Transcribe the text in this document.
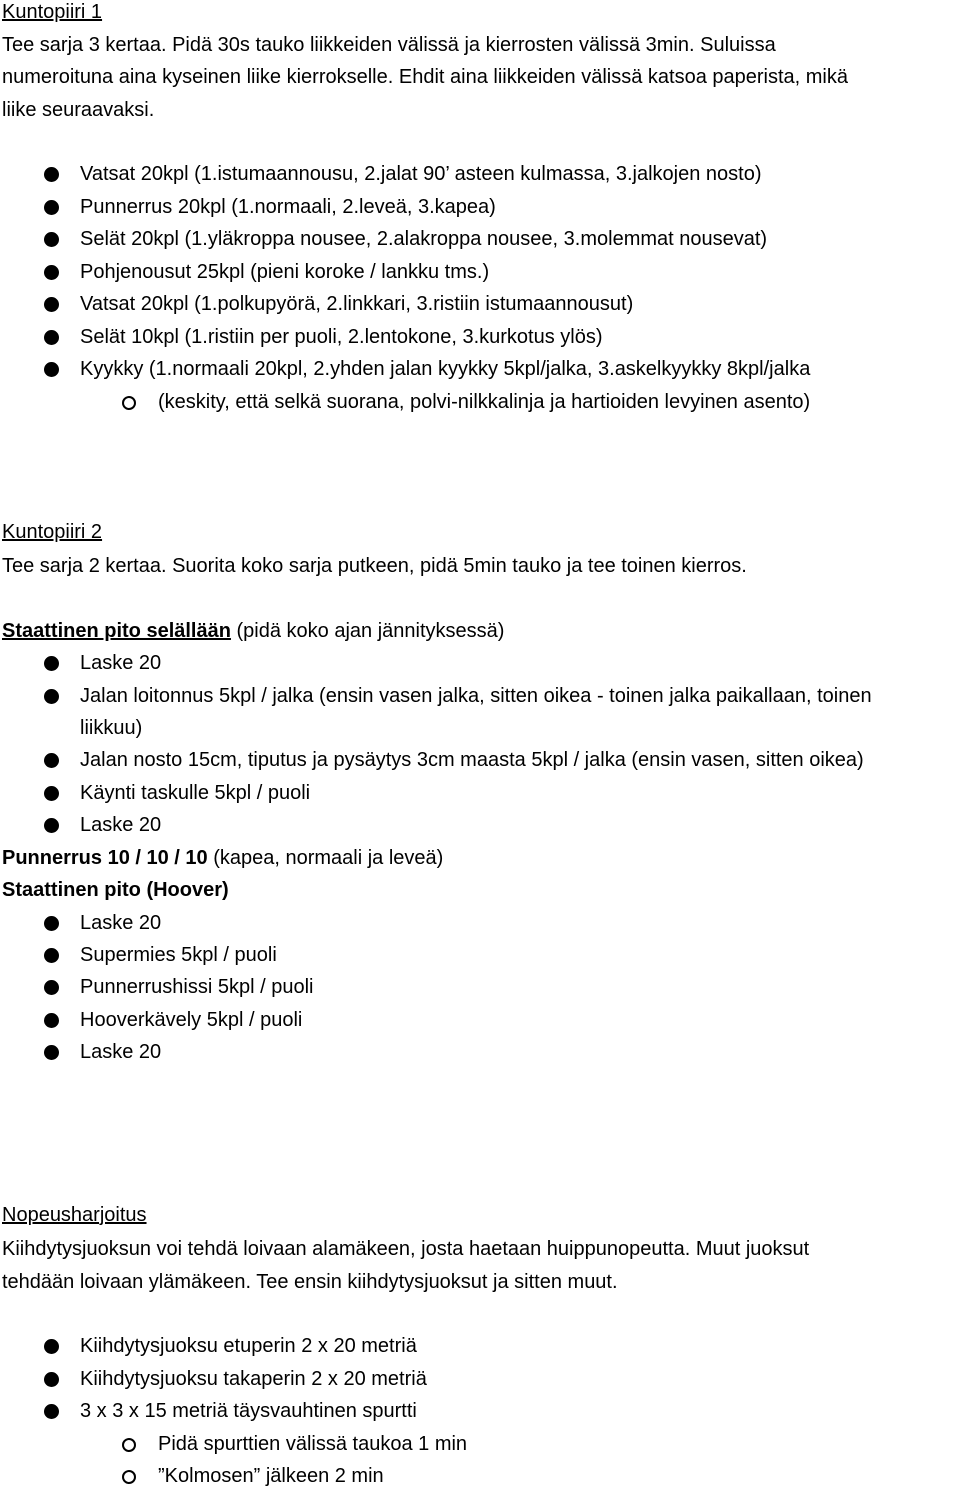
Kuntopiiri 1
Tee sarja 3 kertaa. Pidä 30s tauko liikkeiden välissä ja kierrosten välissä 3min. Suluissa
numeroituna aina kyseinen liike kierrokselle. Ehdit aina liikkeiden välissä katsoa paperista, mikä
liike seuraavaksi.
Vatsat 20kpl (1.istumaannousu, 2.jalat 90’ asteen kulmassa, 3.jalkojen nosto)
Punnerrus 20kpl (1.normaali, 2.leveä, 3.kapea)
Selät 20kpl (1.yläkroppa nousee, 2.alakroppa nousee, 3.molemmat nousevat)
Pohjenousut 25kpl (pieni koroke / lankku tms.)
Vatsat 20kpl (1.polkupyörä, 2.linkkari, 3.ristiin istumaannousut)
Selät 10kpl (1.ristiin per puoli, 2.lentokone, 3.kurkotus ylös)
Kyykky (1.normaali 20kpl, 2.yhden jalan kyykky 5kpl/jalka, 3.askelkyykky 8kpl/jalka
(keskity, että selkä suorana, polvi-nilkkalinja ja hartioiden levyinen asento)
Kuntopiiri 2
Tee sarja 2 kertaa. Suorita koko sarja putkeen, pidä 5min tauko ja tee toinen kierros.
Staattinen pito selällään (pidä koko ajan jännityksessä)
Laske 20
Jalan loitonnus 5kpl / jalka (ensin vasen jalka, sitten oikea - toinen jalka paikallaan, toinen
liikkuu)
Jalan nosto 15cm, tiputus ja pysäytys 3cm maasta 5kpl / jalka (ensin vasen, sitten oikea)
Käynti taskulle 5kpl / puoli
Laske 20
Punnerrus 10 / 10 / 10 (kapea, normaali ja leveä)
Staattinen pito (Hoover)
Laske 20
Supermies 5kpl / puoli
Punnerrushissi 5kpl / puoli
Hooverkävely 5kpl / puoli
Laske 20
Nopeusharjoitus
Kiihdytysjuoksun voi tehdä loivaan alamäkeen, josta haetaan huippunopeutta. Muut juoksut
tehdään loivaan ylämäkeen. Tee ensin kiihdytysjuoksut ja sitten muut.
Kiihdytysjuoksu etuperin 2 x 20 metriä
Kiihdytysjuoksu takaperin 2 x 20 metriä
3 x 3 x 15 metriä täysvauhtinen spurtti
Pidä spurttien välissä taukoa 1 min
”Kolmosen” jälkeen 2 min
